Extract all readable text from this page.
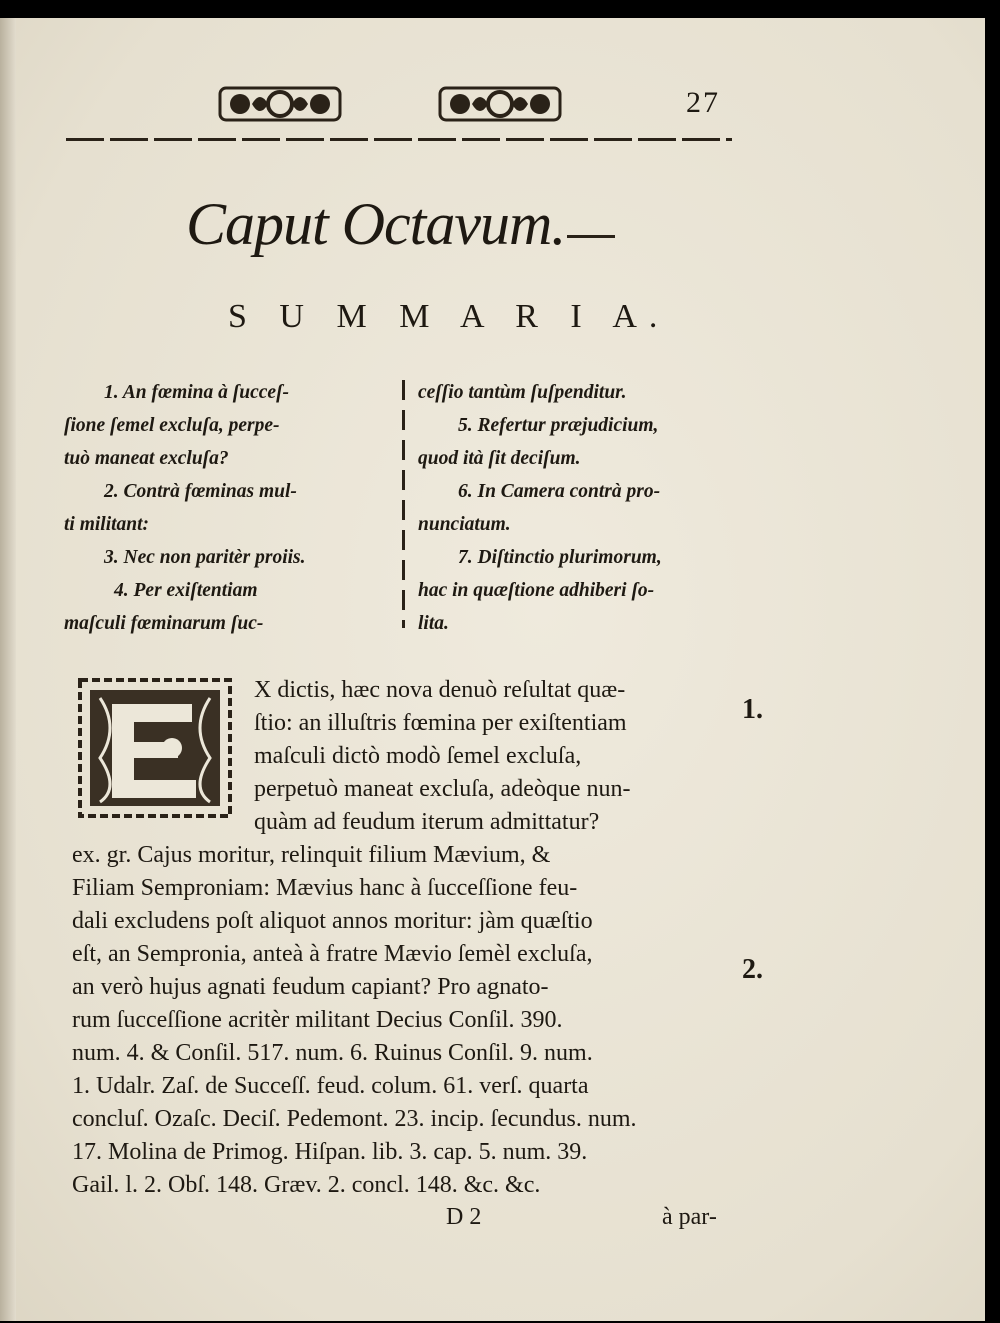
27
Caput Octavum.
S U M M A R I A.
1. An fœmina à ſucceſ-
ſione ſemel excluſa, perpe-
tuò maneat excluſa?
2. Contrà fœminas mul-
ti militant:
3. Nec non paritèr proiis.
4. Per exiſtentiam
maſculi fœminarum ſuc-
ceſſio tantùm ſuſpenditur.
5. Refertur præjudicium,
quod ità ſit deciſum.
6. In Camera contrà pro-
nunciatum.
7. Diſtinctio plurimorum,
hac in quæſtione adhiberi ſo-
lita.
X dictis, hæc nova denuò reſultat quæ-
ſtio: an illuſtris fœmina per exiſtentiam
maſculi dictò modò ſemel excluſa,
perpetuò maneat excluſa, adeòque nun-
quàm ad feudum iterum admittatur?
ex. gr. Cajus moritur, relinquit filium Mævium, &
Filiam Semproniam: Mævius hanc à ſucceſſione feu-
dali excludens poſt aliquot annos moritur: jàm quæſtio
eſt, an Sempronia, anteà à fratre Mævio ſemèl excluſa,
an verò hujus agnati feudum capiant? Pro agnato-
rum ſucceſſione acritèr militant Decius Conſil. 390.
num. 4. & Conſil. 517. num. 6. Ruinus Conſil. 9. num.
1. Udalr. Zaſ. de Succeſſ. feud. colum. 61. verſ. quarta
concluſ. Ozaſc. Deciſ. Pedemont. 23. incip. ſecundus. num.
17. Molina de Primog. Hiſpan. lib. 3. cap. 5. num. 39.
Gail. l. 2. Obſ. 148. Græv. 2. concl. 148. &c. &c.
1.
2.
D 2	à par-
